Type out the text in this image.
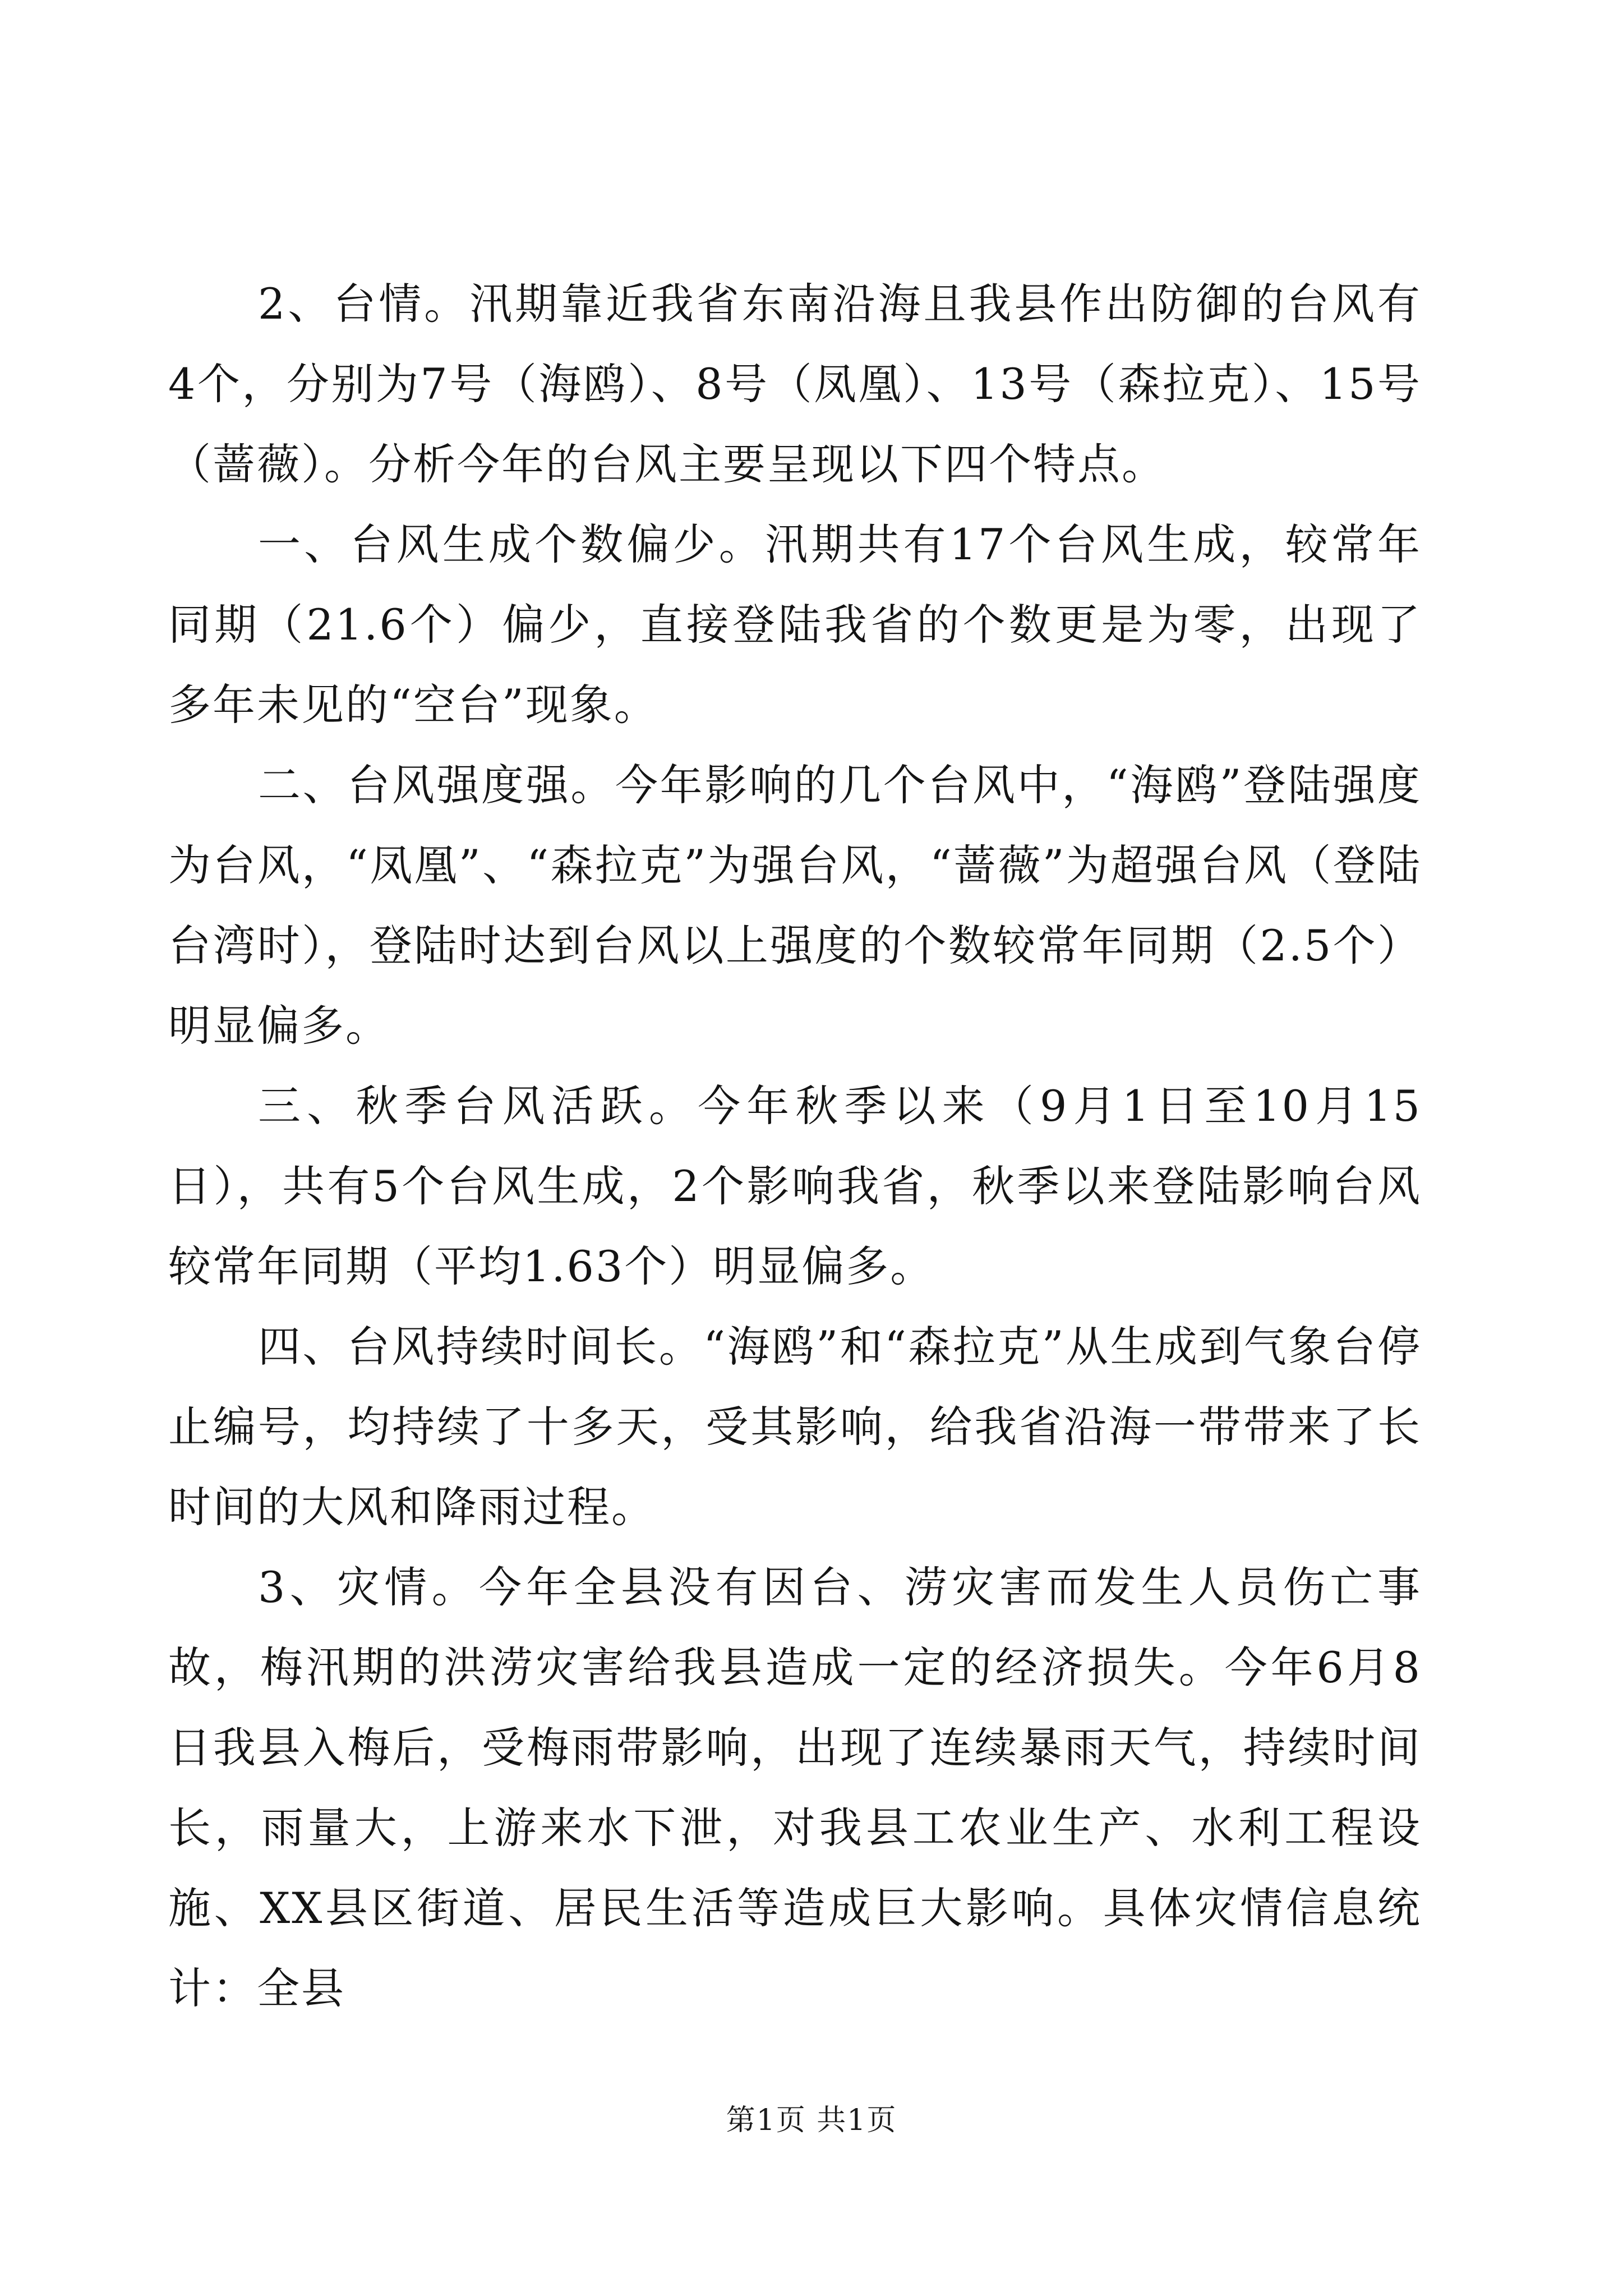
2、台情。汛期靠近我省东南沿海且我县作出防御的台风有4个，分别为7号（海鸥）、8号（凤凰）、13号（森拉克）、15号（蔷薇）。分析今年的台风主要呈现以下四个特点。

一、台风生成个数偏少。汛期共有17个台风生成，较常年同期（21.6个）偏少，直接登陆我省的个数更是为零，出现了多年未见的“空台”现象。

二、台风强度强。今年影响的几个台风中，“海鸥”登陆强度为台风，“凤凰”、“森拉克”为强台风，“蔷薇”为超强台风（登陆台湾时），登陆时达到台风以上强度的个数较常年同期（2.5个）明显偏多。

三、秋季台风活跃。今年秋季以来（9月1日至10月15日），共有5个台风生成，2个影响我省，秋季以来登陆影响台风较常年同期（平均1.63个）明显偏多。

四、台风持续时间长。“海鸥”和“森拉克”从生成到气象台停止编号，均持续了十多天，受其影响，给我省沿海一带带来了长时间的大风和降雨过程。

3、灾情。今年全县没有因台、涝灾害而发生人员伤亡事故，梅汛期的洪涝灾害给我县造成一定的经济损失。今年6月8日我县入梅后，受梅雨带影响，出现了连续暴雨天气，持续时间长，雨量大，上游来水下泄，对我县工农业生产、水利工程设施、XX县区街道、居民生活等造成巨大影响。具体灾情信息统计：全县

第1页 共1页
